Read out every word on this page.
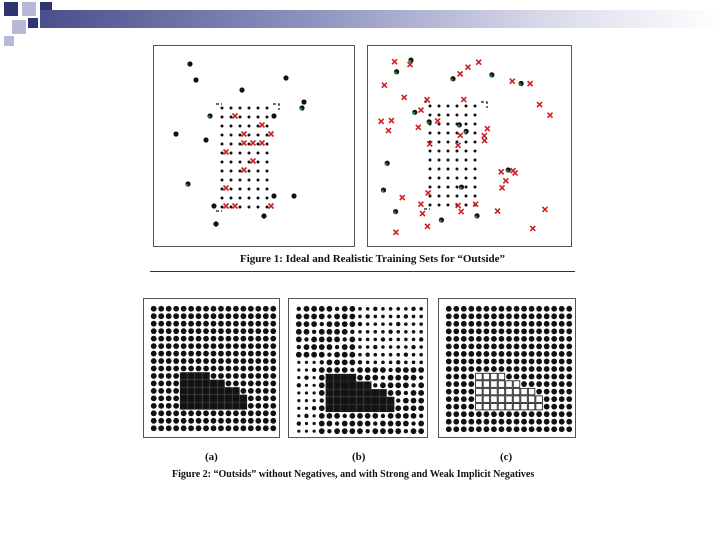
Figure 1: Ideal and Realistic Training Sets for “Outside”
(a)	(b)	(c)
Figure 2: “Outsids” without Negatives, and with Strong and Weak Implicit Negatives
